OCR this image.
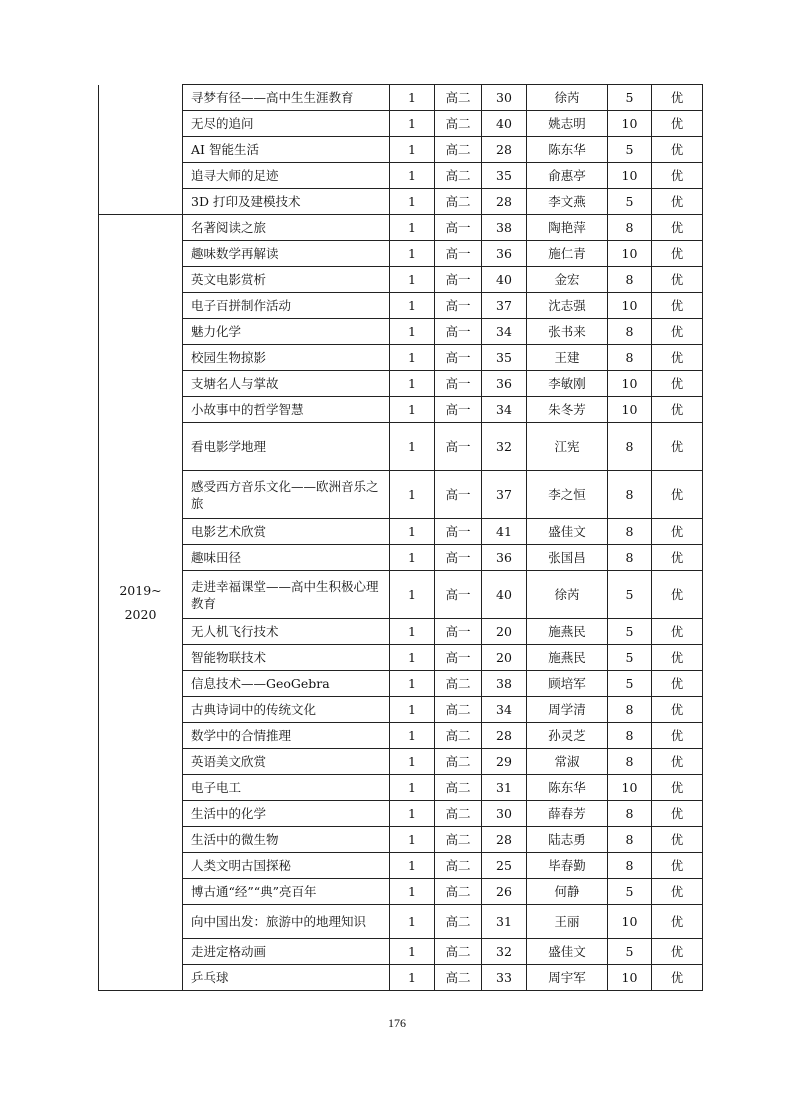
	寻梦有径——高中生生涯教育	1	高二	30	徐芮	5	优
	无尽的追问	1	高二	40	姚志明	10	优
	AI 智能生活	1	高二	28	陈东华	5	优
	追寻大师的足迹	1	高二	35	俞惠亭	10	优
	3D 打印及建模技术	1	高二	28	李文燕	5	优
2019~
2020	名著阅读之旅	1	高一	38	陶艳萍	8	优
	趣味数学再解读	1	高一	36	施仁青	10	优
	英文电影赏析	1	高一	40	金宏	8	优
	电子百拼制作活动	1	高一	37	沈志强	10	优
	魅力化学	1	高一	34	张书来	8	优
	校园生物掠影	1	高一	35	王建	8	优
	支塘名人与掌故	1	高一	36	李敏刚	10	优
	小故事中的哲学智慧	1	高一	34	朱冬芳	10	优
	看电影学地理	1	高一	32	江宪	8	优
	感受西方音乐文化——欧洲音乐之旅	1	高一	37	李之恒	8	优
	电影艺术欣赏	1	高一	41	盛佳文	8	优
	趣味田径	1	高一	36	张国昌	8	优
	走进幸福课堂——高中生积极心理教育	1	高一	40	徐芮	5	优
	无人机飞行技术	1	高一	20	施燕民	5	优
	智能物联技术	1	高一	20	施燕民	5	优
	信息技术——GeoGebra	1	高二	38	顾培军	5	优
	古典诗词中的传统文化	1	高二	34	周学清	8	优
	数学中的合情推理	1	高二	28	孙灵芝	8	优
	英语美文欣赏	1	高二	29	常淑	8	优
	电子电工	1	高二	31	陈东华	10	优
	生活中的化学	1	高二	30	薛春芳	8	优
	生活中的微生物	1	高二	28	陆志勇	8	优
	人类文明古国探秘	1	高二	25	毕春勤	8	优
	博古通“经”“典”亮百年	1	高二	26	何静	5	优
	向中国出发：旅游中的地理知识	1	高二	31	王丽	10	优
	走进定格动画	1	高二	32	盛佳文	5	优
	乒乓球	1	高二	33	周宇军	10	优
176
